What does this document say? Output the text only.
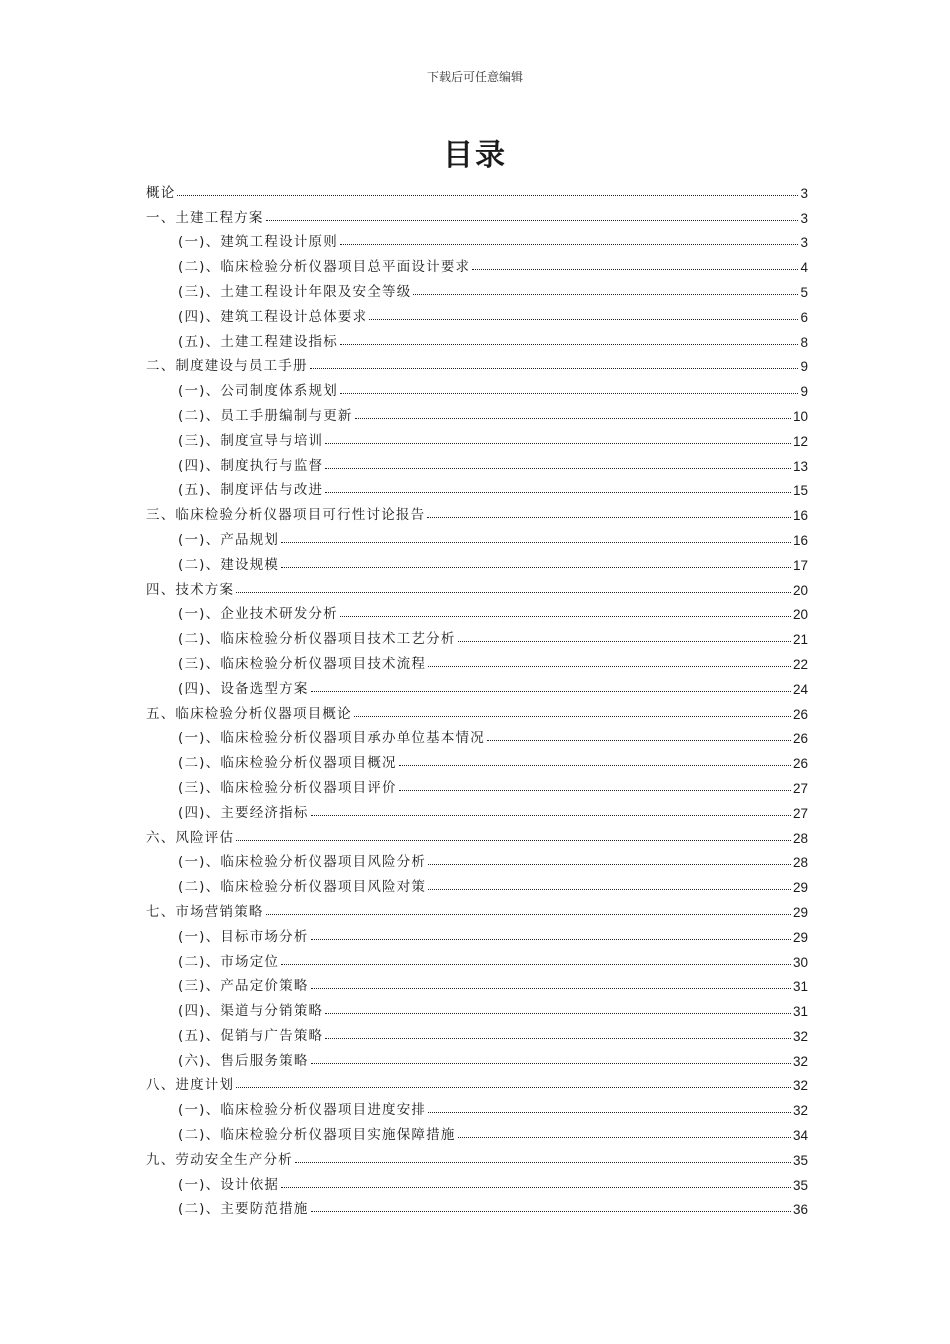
下载后可任意编辑
目录
概论	3
一、土建工程方案	3
(一)、建筑工程设计原则	3
(二)、临床检验分析仪器项目总平面设计要求	4
(三)、土建工程设计年限及安全等级	5
(四)、建筑工程设计总体要求	6
(五)、土建工程建设指标	8
二、制度建设与员工手册	9
(一)、公司制度体系规划	9
(二)、员工手册编制与更新	10
(三)、制度宣导与培训	12
(四)、制度执行与监督	13
(五)、制度评估与改进	15
三、临床检验分析仪器项目可行性讨论报告	16
(一)、产品规划	16
(二)、建设规模	17
四、技术方案	20
(一)、企业技术研发分析	20
(二)、临床检验分析仪器项目技术工艺分析	21
(三)、临床检验分析仪器项目技术流程	22
(四)、设备选型方案	24
五、临床检验分析仪器项目概论	26
(一)、临床检验分析仪器项目承办单位基本情况	26
(二)、临床检验分析仪器项目概况	26
(三)、临床检验分析仪器项目评价	27
(四)、主要经济指标	27
六、风险评估	28
(一)、临床检验分析仪器项目风险分析	28
(二)、临床检验分析仪器项目风险对策	29
七、市场营销策略	29
(一)、目标市场分析	29
(二)、市场定位	30
(三)、产品定价策略	31
(四)、渠道与分销策略	31
(五)、促销与广告策略	32
(六)、售后服务策略	32
八、进度计划	32
(一)、临床检验分析仪器项目进度安排	32
(二)、临床检验分析仪器项目实施保障措施	34
九、劳动安全生产分析	35
(一)、设计依据	35
(二)、主要防范措施	36
